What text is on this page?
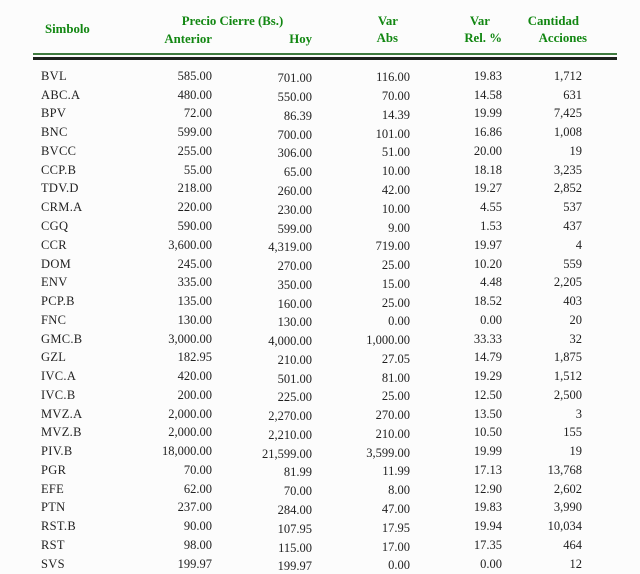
Simbolo	
Precio Cierre (Bs.)
Anterior	Hoy

Var
Abs

Var
Rel. %

Cantidad
Acciones

BVL	585.00	701.00	116.00	19.83	1,712
ABC.A	480.00	550.00	70.00	14.58	631
BPV	72.00	86.39	14.39	19.99	7,425
BNC	599.00	700.00	101.00	16.86	1,008
BVCC	255.00	306.00	51.00	20.00	19
CCP.B	55.00	65.00	10.00	18.18	3,235
TDV.D	218.00	260.00	42.00	19.27	2,852
CRM.A	220.00	230.00	10.00	4.55	537
CGQ	590.00	599.00	9.00	1.53	437
CCR	3,600.00	4,319.00	719.00	19.97	4
DOM	245.00	270.00	25.00	10.20	559
ENV	335.00	350.00	15.00	4.48	2,205
PCP.B	135.00	160.00	25.00	18.52	403
FNC	130.00	130.00	0.00	0.00	20
GMC.B	3,000.00	4,000.00	1,000.00	33.33	32
GZL	182.95	210.00	27.05	14.79	1,875
IVC.A	420.00	501.00	81.00	19.29	1,512
IVC.B	200.00	225.00	25.00	12.50	2,500
MVZ.A	2,000.00	2,270.00	270.00	13.50	3
MVZ.B	2,000.00	2,210.00	210.00	10.50	155
PIV.B	18,000.00	21,599.00	3,599.00	19.99	19
PGR	70.00	81.99	11.99	17.13	13,768
EFE	62.00	70.00	8.00	12.90	2,602
PTN	237.00	284.00	47.00	19.83	3,990
RST.B	90.00	107.95	17.95	19.94	10,034
RST	98.00	115.00	17.00	17.35	464
SVS	199.97	199.97	0.00	0.00	12
